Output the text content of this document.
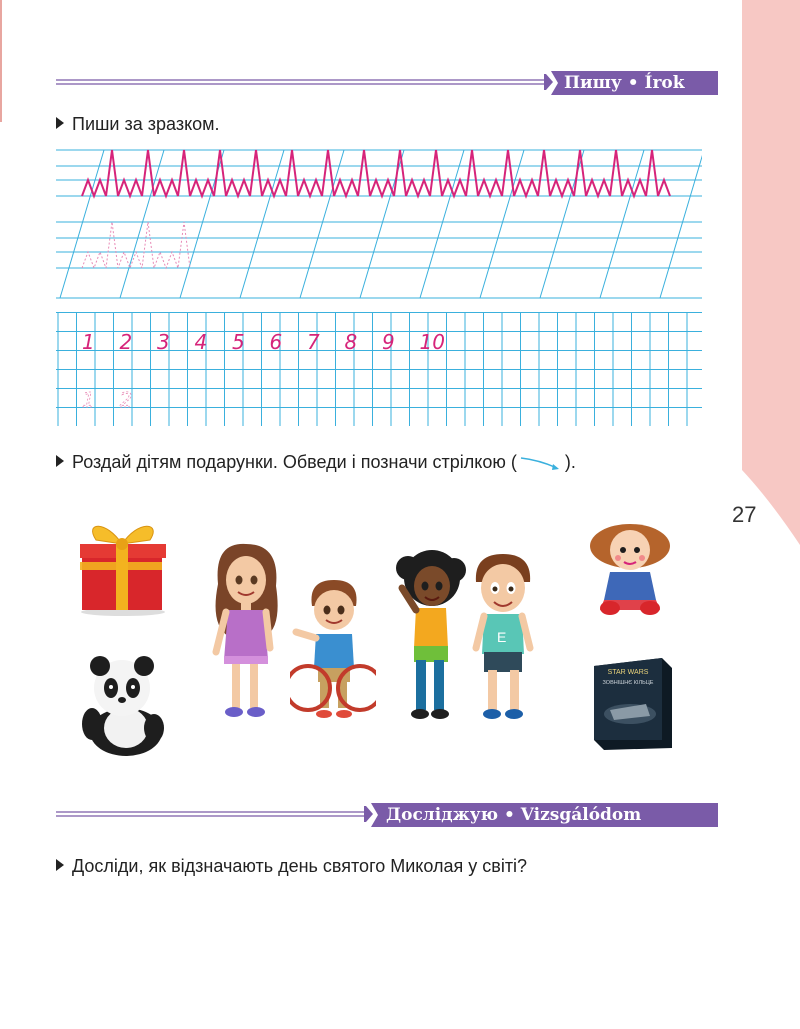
27
Пишу • Írok
Пиши за зразком.
1 2 3 4 5 6 7 8 9 10
1 2
Роздай дітям подарунки. Обведи і позначи стрілкою (	).
E
STAR WARS
ЗОВНІШНЄ КІЛЬЦЕ
Досліджую • Vizsgálódom
Досліди, як відзначають день святого Миколая у світі?
